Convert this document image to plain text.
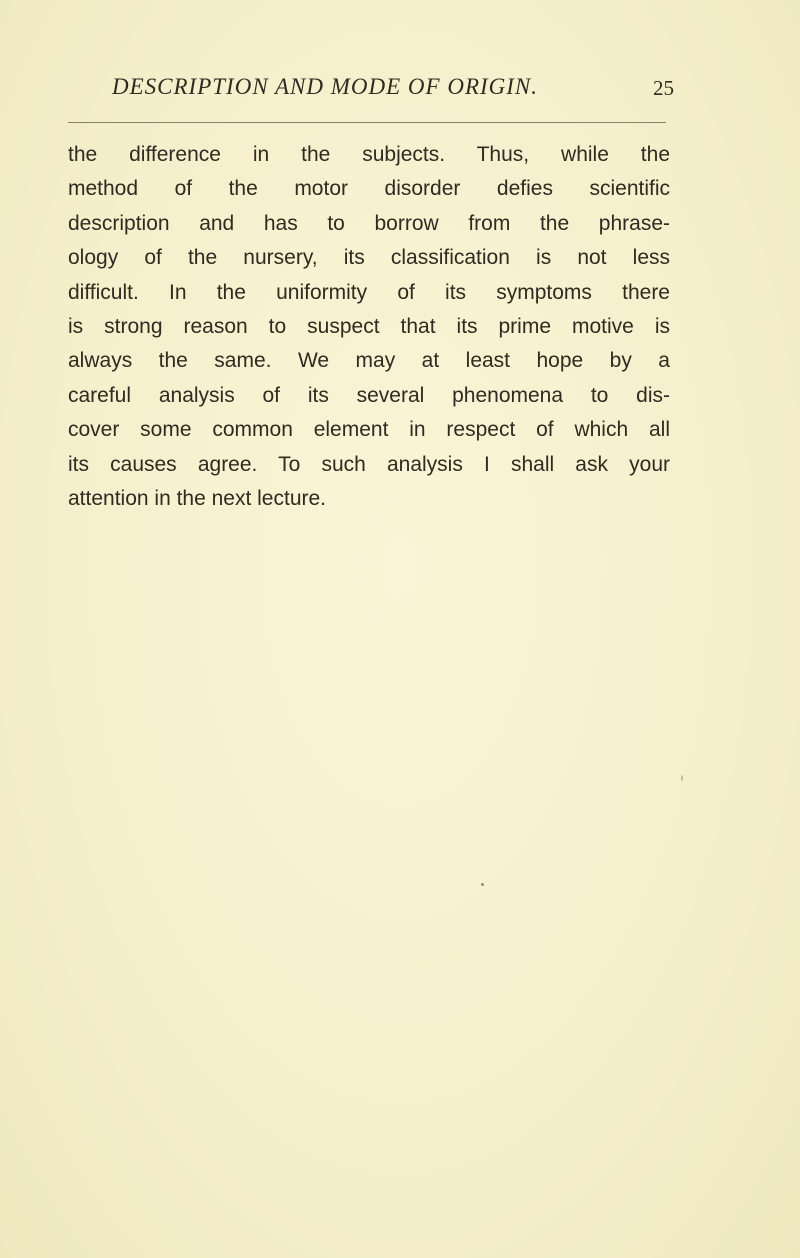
DESCRIPTION AND MODE OF ORIGIN.	25
the difference in the subjects. Thus, while the
method of the motor disorder defies scientific
description and has to borrow from the phrase-
ology of the nursery, its classification is not less
difficult. In the uniformity of its symptoms there
is strong reason to suspect that its prime motive is
always the same. We may at least hope by a
careful analysis of its several phenomena to dis-
cover some common element in respect of which all
its causes agree. To such analysis I shall ask your
attention in the next lecture.
